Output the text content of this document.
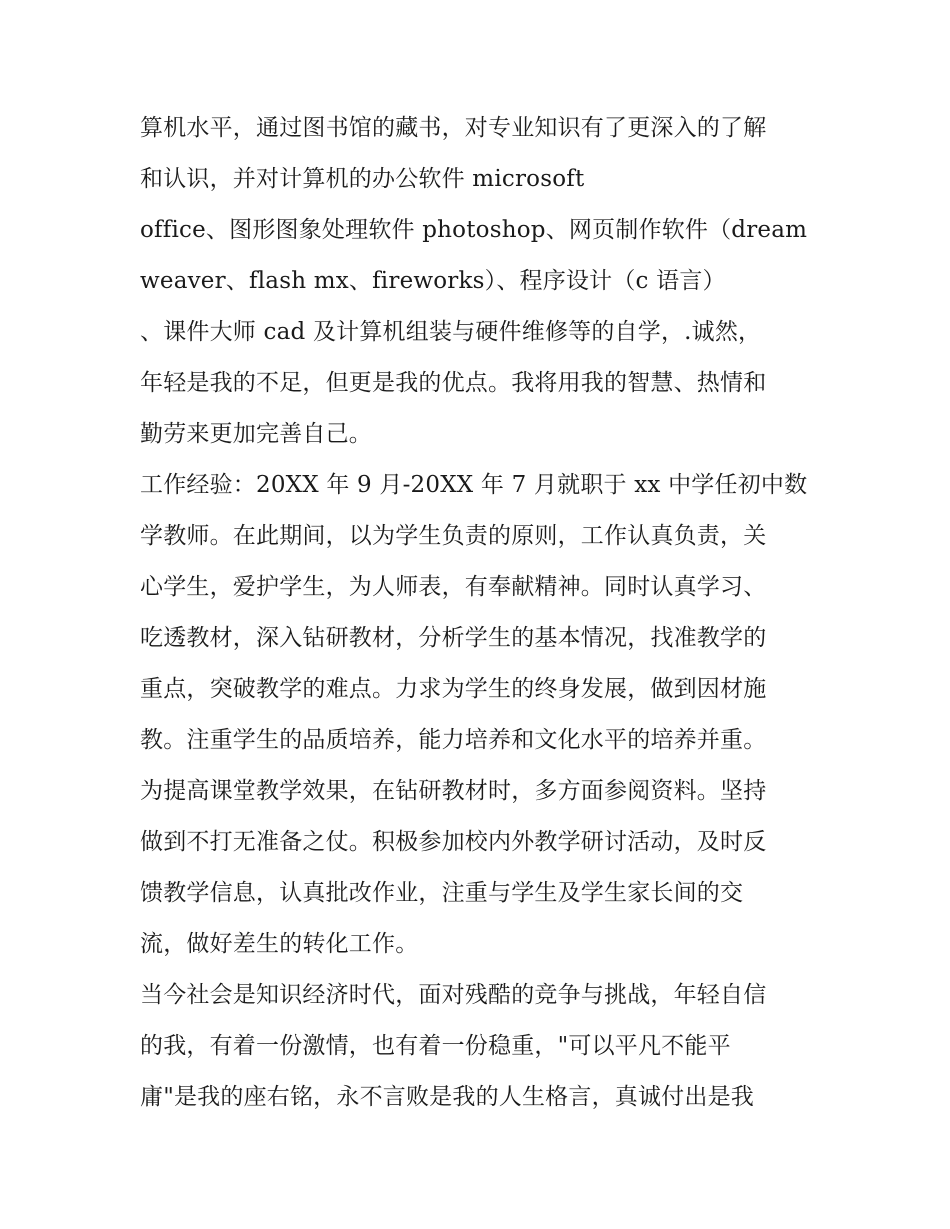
算机水平，通过图书馆的藏书，对专业知识有了更深入的了解
和认识，并对计算机的办公软件 microsoft
office、图形图象处理软件 photoshop、网页制作软件（dream
weaver、flash mx、fireworks）、程序设计（c 语言）
、课件大师 cad 及计算机组装与硬件维修等的自学，.诚然，
年轻是我的不足，但更是我的优点。我将用我的智慧、热情和
勤劳来更加完善自己。
工作经验：20XX 年 9 月-20XX 年 7 月就职于 xx 中学任初中数
学教师。在此期间，以为学生负责的原则，工作认真负责，关
心学生，爱护学生，为人师表，有奉献精神。同时认真学习、
吃透教材，深入钻研教材，分析学生的基本情况，找准教学的
重点，突破教学的难点。力求为学生的终身发展，做到因材施
教。注重学生的品质培养，能力培养和文化水平的培养并重。
为提高课堂教学效果，在钻研教材时，多方面参阅资料。坚持
做到不打无准备之仗。积极参加校内外教学研讨活动，及时反
馈教学信息，认真批改作业，注重与学生及学生家长间的交
流，做好差生的转化工作。
当今社会是知识经济时代，面对残酷的竞争与挑战，年轻自信
的我，有着一份激情，也有着一份稳重，"可以平凡不能平
庸"是我的座右铭，永不言败是我的人生格言，真诚付出是我
